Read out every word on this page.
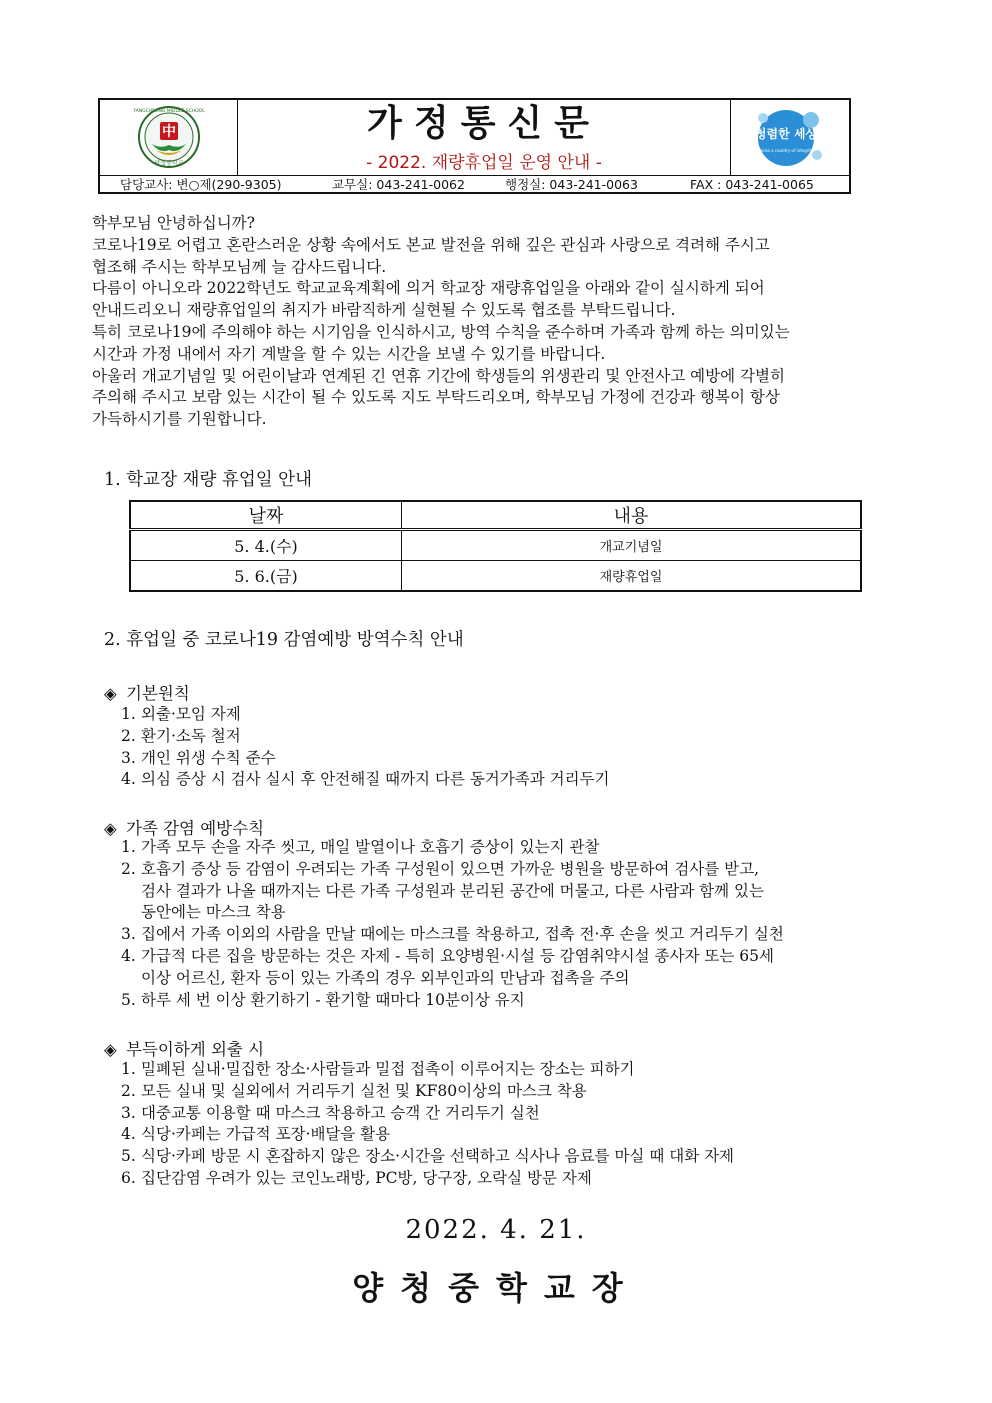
中
양청중학교
YANGCHEONG MIDDLE SCHOOL	가정통신문
- 2022. 재량휴업일 운영 안내 -
청렴한 세상
Korea a country of integrity
담당교사: 변○제(290-9305)	교무실: 043-241-0062	행정실: 043-241-0063	FAX : 043-241-0065

학부모님 안녕하십니까?

코로나19로 어렵고 혼란스러운 상황 속에서도 본교 발전을 위해 깊은 관심과 사랑으로 격려해 주시고

협조해 주시는 학부모님께 늘 감사드립니다.

다름이 아니오라 2022학년도 학교교육계획에 의거 학교장 재량휴업일을 아래와 같이 실시하게 되어

안내드리오니 재량휴업일의 취지가 바람직하게 실현될 수 있도록 협조를 부탁드립니다.

특히 코로나19에 주의해야 하는 시기임을 인식하시고, 방역 수칙을 준수하며 가족과 함께 하는 의미있는

시간과 가정 내에서 자기 계발을 할 수 있는 시간을 보낼 수 있기를 바랍니다.

아울러 개교기념일 및 어린이날과 연계된 긴 연휴 기간에 학생들의 위생관리 및 안전사고 예방에 각별히

주의해 주시고 보람 있는 시간이 될 수 있도록 지도 부탁드리오며, 학부모님 가정에 건강과 행복이 항상

가득하시기를 기원합니다.

1. 학교장 재량 휴업일 안내
날짜	내용
5. 4.(수)	개교기념일
5. 6.(금)	재량휴업일
2. 휴업일 중 코로나19 감염예방 방역수칙 안내
◈ 기본원칙
1. 외출·모임 자제
2. 환기·소독 철저
3. 개인 위생 수칙 준수
4. 의심 증상 시 검사 실시 후 안전해질 때까지 다른 동거가족과 거리두기
◈ 가족 감염 예방수칙
1. 가족 모두 손을 자주 씻고, 매일 발열이나 호흡기 증상이 있는지 관찰
2. 호흡기 증상 등 감염이 우려되는 가족 구성원이 있으면 가까운 병원을 방문하여 검사를 받고,
검사 결과가 나올 때까지는 다른 가족 구성원과 분리된 공간에 머물고, 다른 사람과 함께 있는
동안에는 마스크 착용
3. 집에서 가족 이외의 사람을 만날 때에는 마스크를 착용하고, 접촉 전·후 손을 씻고 거리두기 실천
4. 가급적 다른 집을 방문하는 것은 자제 - 특히 요양병원·시설 등 감염취약시설 종사자 또는 65세
이상 어르신, 환자 등이 있는 가족의 경우 외부인과의 만남과 접촉을 주의
5. 하루 세 번 이상 환기하기 - 환기할 때마다 10분이상 유지
◈ 부득이하게 외출 시
1. 밀폐된 실내·밀집한 장소·사람들과 밀접 접촉이 이루어지는 장소는 피하기
2. 모든 실내 및 실외에서 거리두기 실천 및 KF80이상의 마스크 착용
3. 대중교통 이용할 때 마스크 착용하고 승객 간 거리두기 실천
4. 식당·카페는 가급적 포장·배달을 활용
5. 식당·카페 방문 시 혼잡하지 않은 장소·시간을 선택하고 식사나 음료를 마실 때 대화 자제
6. 집단감염 우려가 있는 코인노래방, PC방, 당구장, 오락실 방문 자제
2022. 4. 21.
양청중학교장
